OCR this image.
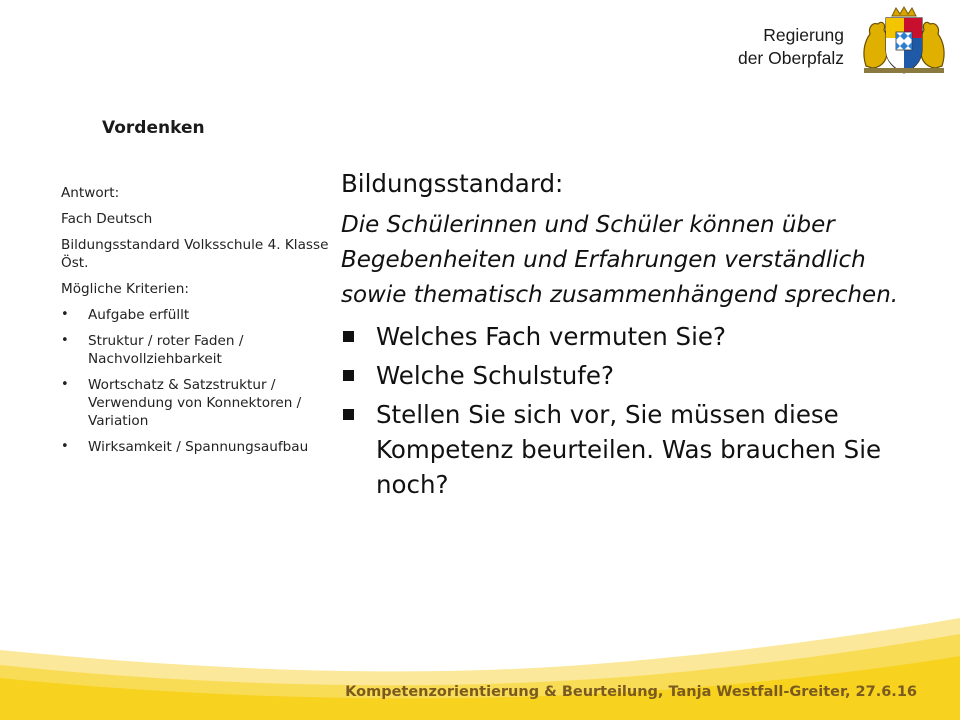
Regierung
der Oberpfalz
Vordenken

Antwort:

Fach Deutsch

Bildungsstandard Volksschule 4. Klasse Öst.

Mögliche Kriterien:

• Aufgabe erfüllt
• Struktur / roter Faden / Nachvollziehbarkeit
• Wortschatz & Satzstruktur / Verwendung von Konnektoren / Variation
• Wirksamkeit / Spannungsaufbau

Bildungsstandard:

Die Schülerinnen und Schüler können über Begebenheiten und Erfahrungen verständlich sowie thematisch zusammenhängend sprechen.

Welches Fach vermuten Sie?
Welche Schulstufe?
Stellen Sie sich vor, Sie müssen diese Kompetenz beurteilen. Was brauchen Sie noch?
Kompetenzorientierung & Beurteilung, Tanja Westfall-Greiter, 27.6.16
